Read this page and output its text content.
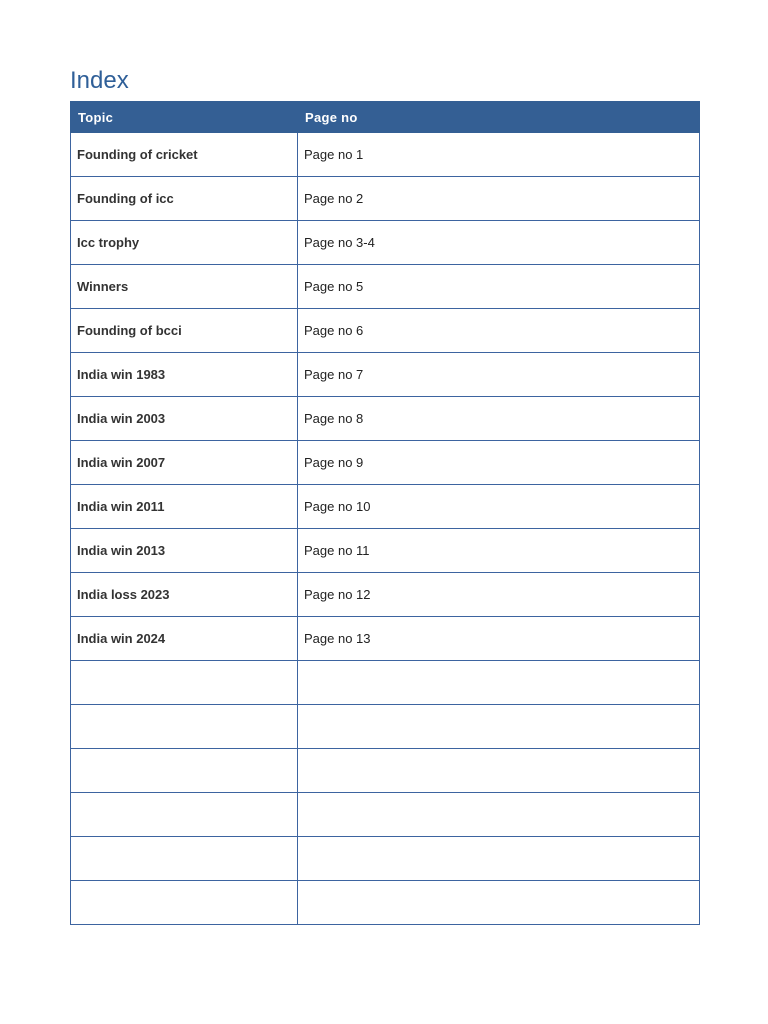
Index
Topic	Page no
Founding of cricket	Page no 1
Founding of icc	Page no 2
Icc trophy	Page no 3-4
Winners	Page no 5
Founding of bcci	Page no 6
India win 1983	Page no 7
India win 2003	Page no 8
India win 2007	Page no 9
India win 2011	Page no 10
India win 2013	Page no 11
India loss 2023	Page no 12
India win 2024	Page no 13
